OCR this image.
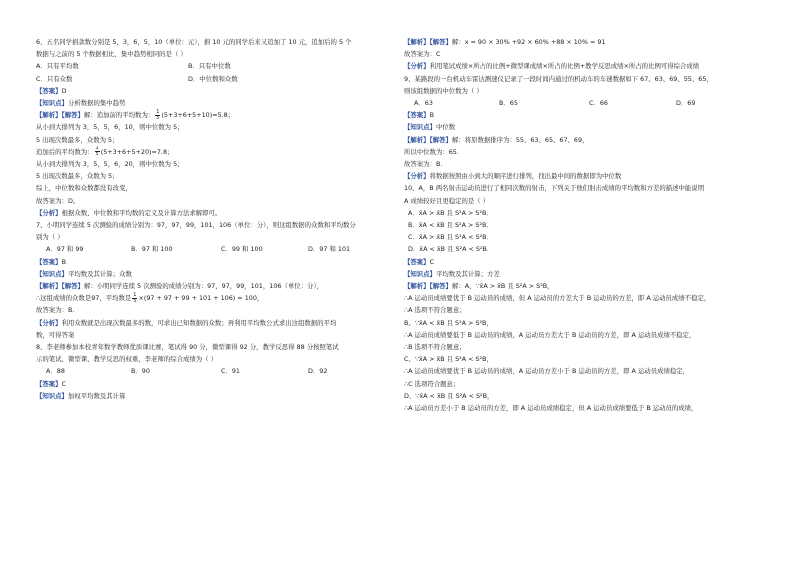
6、五名同学捐款数分别是 5，3，6，5，10（单位：元），捐 10 元的同学后来又追加了 10 元，追加后的 5 个
数据与之前的 5 个数据相比，集中趋势相同的是（ ）
A．只有平均数	B．只有中位数
C．只有众数	D．中位数和众数
【答案】D
【知识点】分析数据的集中趋势
【解析】【解答】解：追加前的平均数为： $\frac{1}{5} (5+3+6+5+10)=5.8$；
从小到大排列为 3，5，5，6，10，则中位数为 5；
5 出现次数最多，众数为 5；
追加后的平均数为： $\frac{1}{5} (5+3+6+5+20)=7.8$；
从小到大排列为 3，5，5，6，20，则中位数为 5；
5 出现次数最多，众数为 5；
综上，中位数和众数都没有改变，
故答案为：D。
【分析】根据众数、中位数和平均数的定义及计算方法求解即可。
7、小明同学连续 5 次测验的成绩分别为：97，97，99，101，106（单位：分），则这组数据的众数和平均数分
别为（ ）
A．97 和 99	B．97 和 100	C．99 和 100	D．97 和 101
【答案】B
【知识点】平均数及其计算；众数
【解析】【解答】解：小明同学连续 5 次测验的成绩分别为：97，97，99，101，106（单位：分），
∴这组成绩的众数是97，平均数是 $\frac{1}{5} \times(97 + 97 + 99 + 101 + 106) = 100$，
故答案为：B.
【分析】利用众数就是出现次数最多的数，可求出已知数据的众数；再利用平均数公式求出这组数据的平均
数，可得答案
8、李老师参加本校青年数学教师优质课比赛，笔试得 90 分，微型课得 92 分，教学反思得 88 分按照笔试
示的笔试、微型课、教学反思的权重，李老师的综合成绩为（ ）
A．88	B．90	C．91	D．92
【答案】C
【知识点】加权平均数及其计算
【解析】【解答】解：x = 90 × 30% +92 × 60% +88 × 10% = 91
故答案为：C
【分析】利用笔试成绩×所占的比例+微型课成绩×所占的比例+教学反思成绩×所占的比例可得综合成绩
9、某路段的一台机动车雷达测速仪记录了一段时间内通过的机动车的车速数据如下 67、63、69、55、65，
则该组数据的中位数为（ ）
A．63	B．65	C．66	D．69
【答案】B
【知识点】中位数
【解析】【解答】解：将原数据排序为：55、63、65、67、69，
所以中位数为：65.
故答案为：B.
【分析】将数据按照由小到大的顺序进行排列，找出最中间的数据即为中位数
10、A，B 两名射击运动员进行了相同次数的射击，下列关于他们射击成绩的平均数和方差的描述中能说明
A 成绩较好且更稳定的是（ ）
A．x̄A > x̄B 且 S²A > S²B．
B．x̄A < x̄B 且 S²A > S²B．
C．x̄A > x̄B 且 S²A < S²B．
D．x̄A < x̄B 且 S²A < S²B．
【答案】C
【知识点】平均数及其计算；方差
【解析】【解答】解：A、∵x̄A > x̄B 且 S²A > S²B，
∴A 运动员成绩要优于 B 运动员的成绩，但 A 运动员的方差大于 B 运动员的方差，即 A 运动员成绩不稳定，
∴A 选项不符合题意；
B、∵x̄A < x̄B 且 S²A > S²B，
∴A 运动员成绩要低于 B 运动员的成绩，A 运动员方差大于 B 运动员的方差，即 A 运动员成绩不稳定，
∴B 选项不符合题意；
C、∵x̄A > x̄B 且 S²A < S²B，
∴A 运动员成绩要优于 B 运动员的成绩，A 运动员方差小于 B 运动员的方差，即 A 运动员成绩稳定，
∴C 选项符合题意；
D、∵x̄A < x̄B 且 S²A < S²B，
∴A 运动员方差小于 B 运动员的方差，即 A 运动员成绩稳定，但 A 运动员成绩要低于 B 运动员的成绩，
